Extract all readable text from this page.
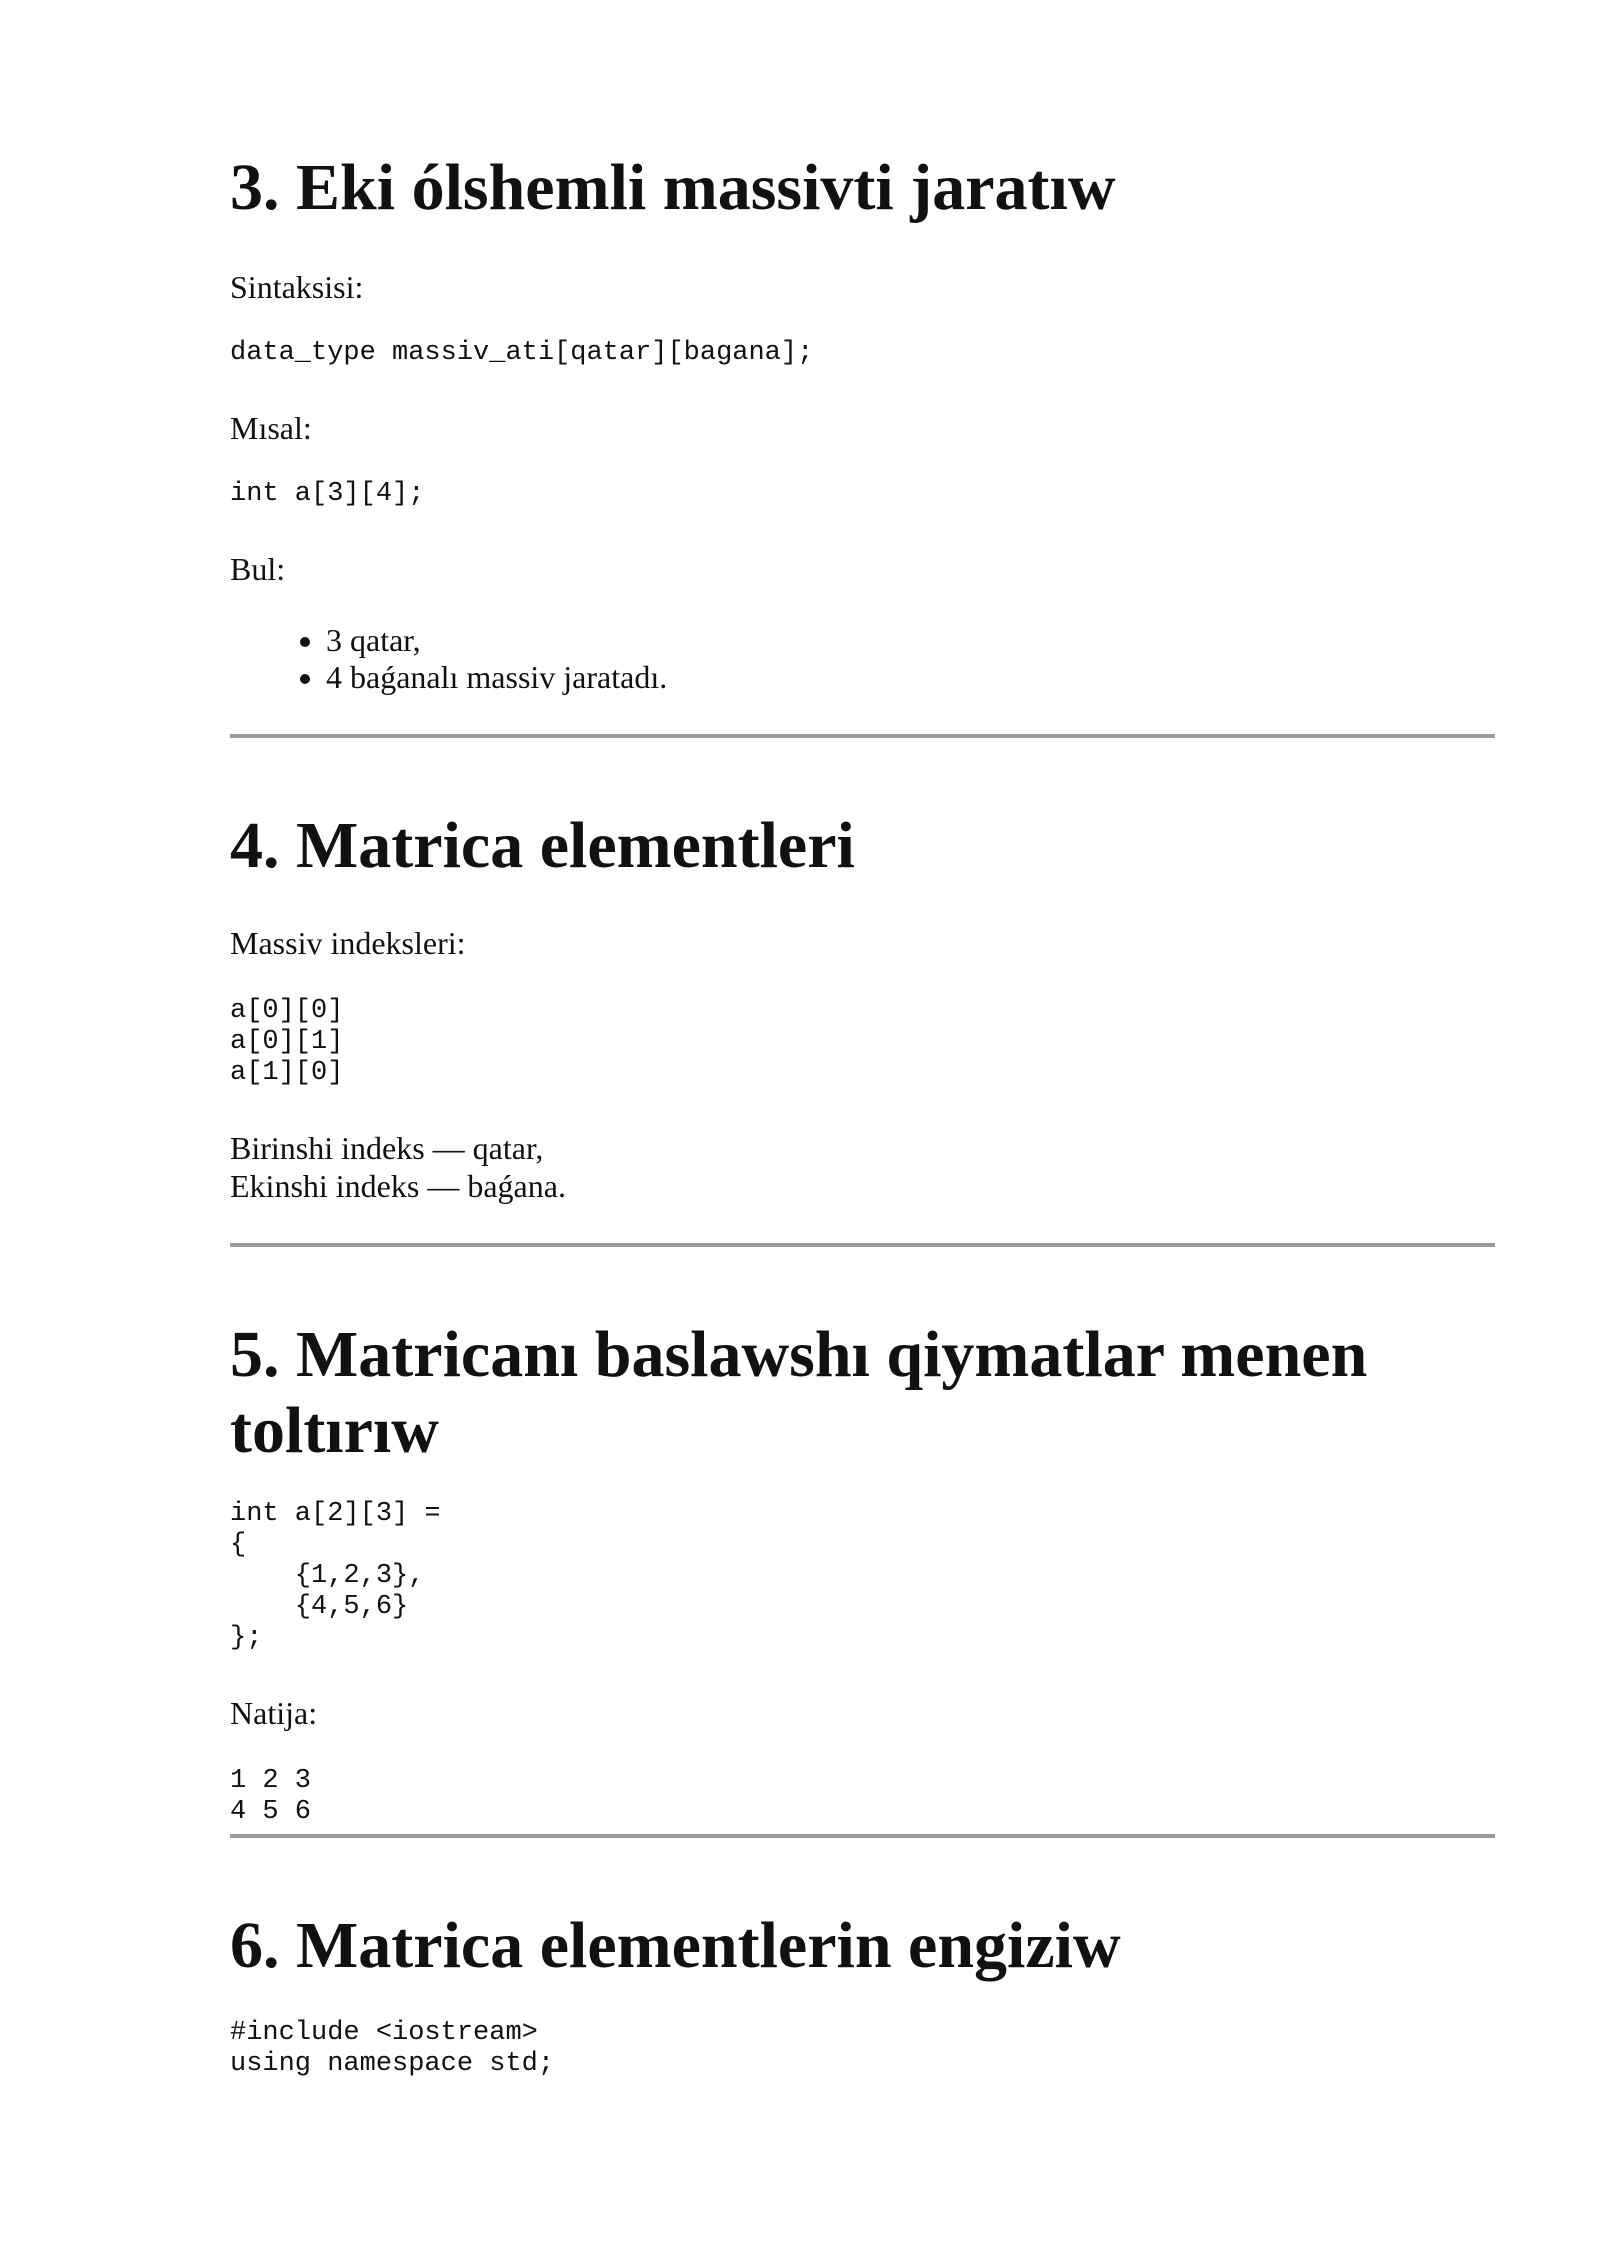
3. Eki ólshemli massivti jaratıw

Sintaksisi:

data_type massiv_ati[qatar][bagana];

Mısal:

int a[3][4];

Bul:

• 3 qatar,
• 4 baǵanalı massiv jaratadı.
4. Matrica elementleri

Massiv indeksleri:

a[0][0]
a[0][1]
a[1][0]

Birinshi indeks — qatar,
Ekinshi indeks — baǵana.

5. Matricanı baslawshı qiymatlar menen toltırıw
int a[2][3] =
{
{1,2,3},
{4,5,6}
};

Natija:

1 2 3
4 5 6
6. Matrica elementlerin engiziw
#include <iostream>
using namespace std;
